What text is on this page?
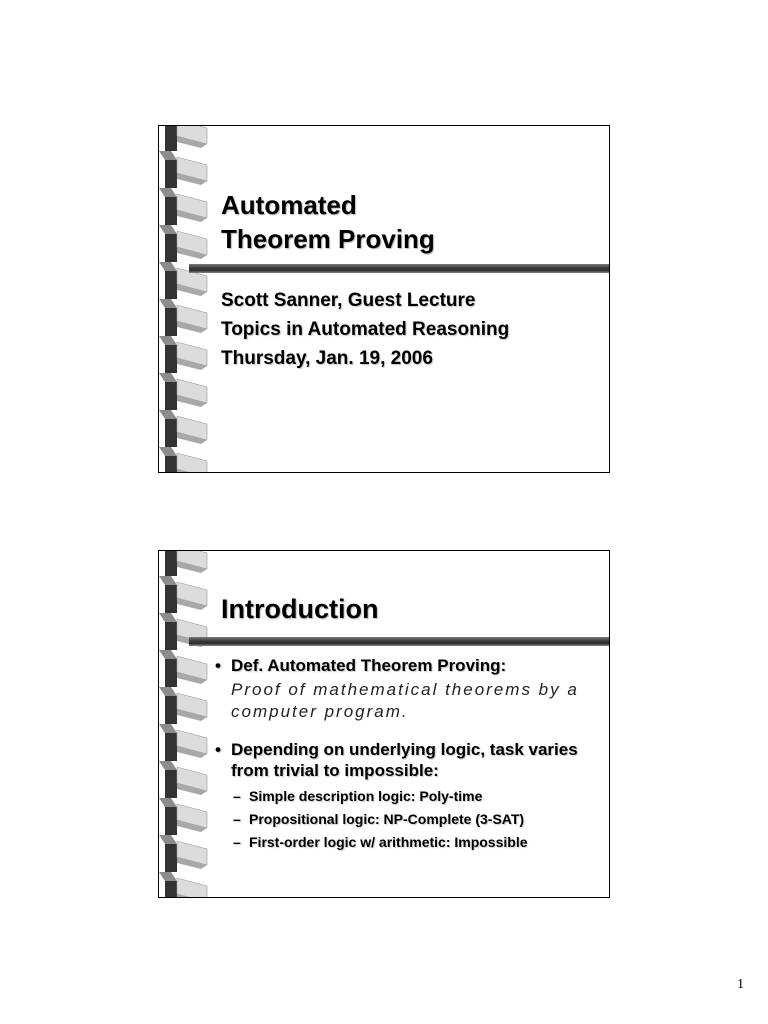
Automated
Theorem Proving
Scott Sanner, Guest Lecture
Topics in Automated Reasoning
Thursday, Jan. 19, 2006
Introduction
• Def. Automated Theorem Proving:
Proof of mathematical theorems by a computer program.
• Depending on underlying logic, task varies from trivial to impossible:
– Simple description logic: Poly-time
– Propositional logic: NP-Complete (3-SAT)
– First-order logic w/ arithmetic: Impossible
1
